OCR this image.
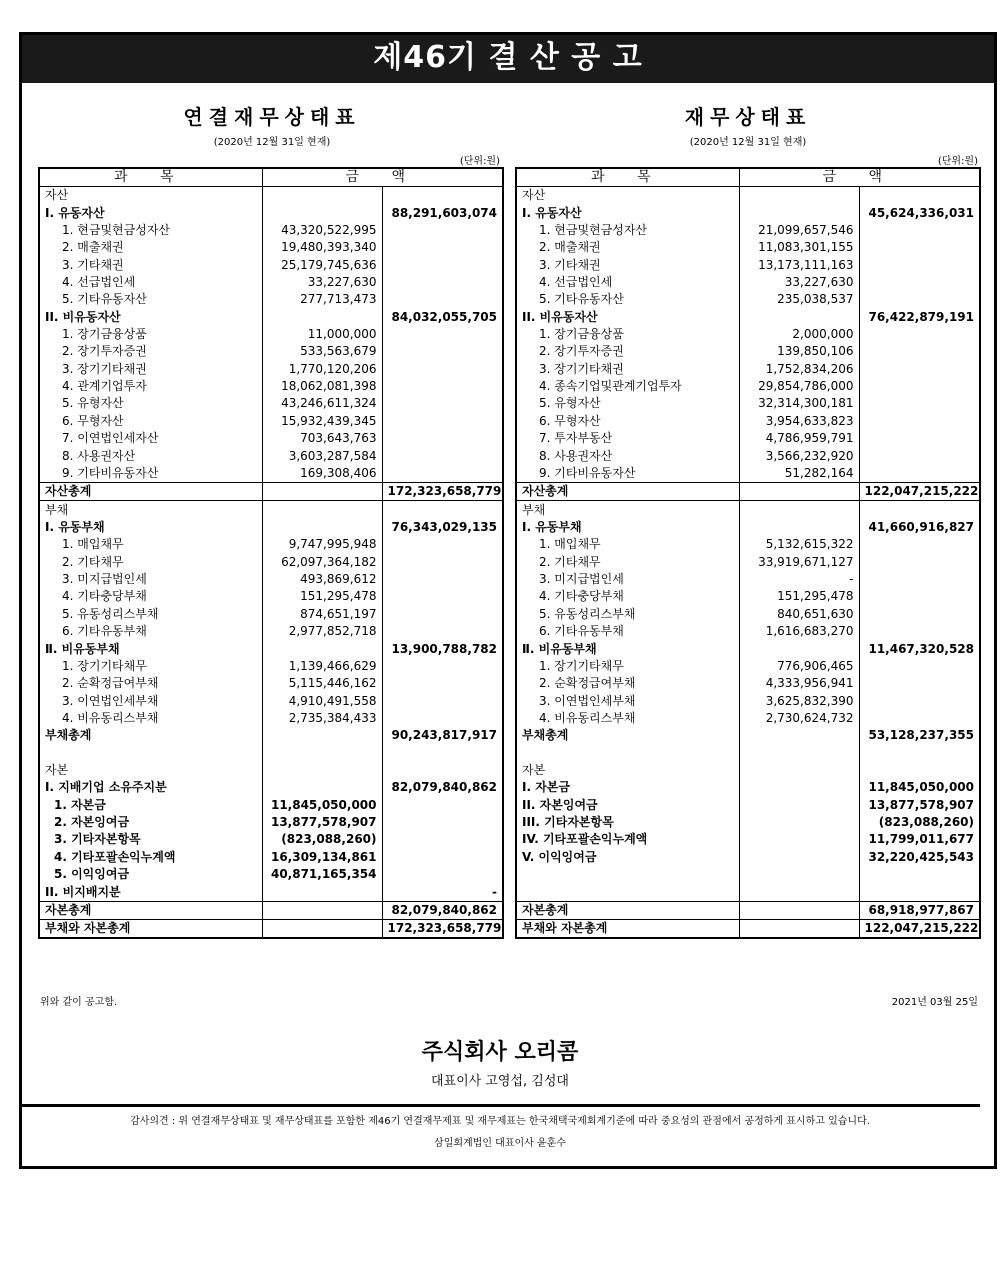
제46기 결 산 공 고
연결재무상태표
(2020년 12월 31일 현재)
(단위:원)
재무상태표
(2020년 12월 31일 현재)
(단위:원)
과 목	금 액	
자산		
I. 유동자산		88,291,603,074
1. 현금및현금성자산	43,320,522,995	
2. 매출채권	19,480,393,340	
3. 기타채권	25,179,745,636	
4. 선급법인세	33,227,630	
5. 기타유동자산	277,713,473	
II. 비유동자산		84,032,055,705
1. 장기금융상품	11,000,000	
2. 장기투자증권	533,563,679	
3. 장기기타채권	1,770,120,206	
4. 관계기업투자	18,062,081,398	
5. 유형자산	43,246,611,324	
6. 무형자산	15,932,439,345	
7. 이연법인세자산	703,643,763	
8. 사용권자산	3,603,287,584	
9. 기타비유동자산	169,308,406	
자산총계		172,323,658,779
부채		
Ⅰ. 유동부채		76,343,029,135
1. 매입채무	9,747,995,948	
2. 기타채무	62,097,364,182	
3. 미지급법인세	493,869,612	
4. 기타충당부채	151,295,478	
5. 유동성리스부채	874,651,197	
6. 기타유동부채	2,977,852,718	
Ⅱ. 비유동부채		13,900,788,782
1. 장기기타채무	1,139,466,629	
2. 순확정급여부채	5,115,446,162	
3. 이연법인세부채	4,910,491,558	
4. 비유동리스부채	2,735,384,433	
부채총계		90,243,817,917

자본		
I. 지배기업 소유주지분		82,079,840,862
1. 자본금	11,845,050,000	
2. 자본잉여금	13,877,578,907	
3. 기타자본항목	(823,088,260)	
4. 기타포괄손익누계액	16,309,134,861	
5. 이익잉여금	40,871,165,354	
II. 비지배지분		-
자본총계		82,079,840,862
부채와 자본총계		172,323,658,779
과 목	금 액	
자산		
I. 유동자산		45,624,336,031
1. 현금및현금성자산	21,099,657,546	
2. 매출채권	11,083,301,155	
3. 기타채권	13,173,111,163	
4. 선급법인세	33,227,630	
5. 기타유동자산	235,038,537	
II. 비유동자산		76,422,879,191
1. 장기금융상품	2,000,000	
2. 장기투자증권	139,850,106	
3. 장기기타채권	1,752,834,206	
4. 종속기업및관계기업투자	29,854,786,000	
5. 유형자산	32,314,300,181	
6. 무형자산	3,954,633,823	
7. 투자부동산	4,786,959,791	
8. 사용권자산	3,566,232,920	
9. 기타비유동자산	51,282,164	
자산총계		122,047,215,222
부채		
Ⅰ. 유동부채		41,660,916,827
1. 매입채무	5,132,615,322	
2. 기타채무	33,919,671,127	
3. 미지급법인세	-	
4. 기타충당부채	151,295,478	
5. 유동성리스부채	840,651,630	
6. 기타유동부채	1,616,683,270	
Ⅱ. 비유동부채		11,467,320,528
1. 장기기타채무	776,906,465	
2. 순확정급여부채	4,333,956,941	
3. 이연법인세부채	3,625,832,390	
4. 비유동리스부채	2,730,624,732	
부채총계		53,128,237,355

자본		
I. 자본금		11,845,050,000
II. 자본잉여금		13,877,578,907
III. 기타자본항목		(823,088,260)
IV. 기타포괄손익누계액		11,799,011,677
V. 이익잉여금		32,220,425,543

자본총계		68,918,977,867
부채와 자본총계		122,047,215,222
위와 같이 공고함.	2021년 03월 25일
주식회사 오리콤
대표이사 고영섭, 김성대
감사의견 : 위 연결재무상태표 및 재무상태표를 포함한 제46기 연결재무제표 및 재무제표는 한국채택국제회계기준에 따라 중요성의 관점에서 공정하게 표시하고 있습니다.
삼일회계법인 대표이사 윤훈수
